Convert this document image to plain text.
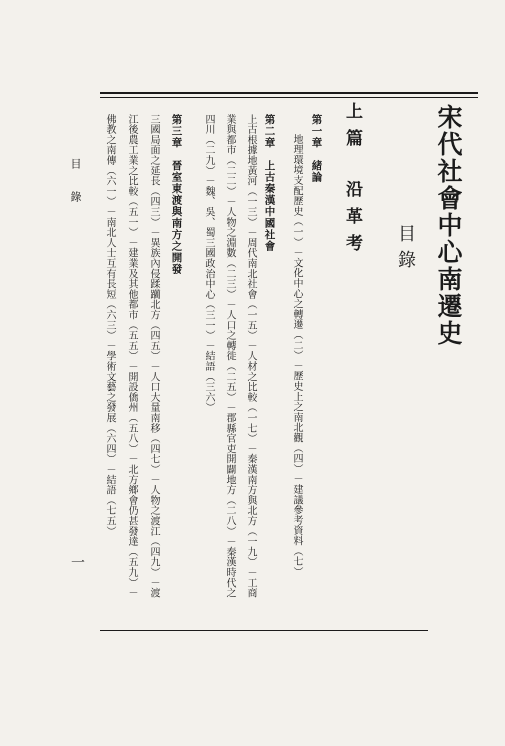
宋代社會中心南遷史
目錄
上篇
沿革考
第一章　緒論
地理環境支配歷史（一）－文化中心之轉遷（二）－歷史上之南北觀（四）－建議參考資料（七）
第二章　上古秦漢中國社會
上古根據地黃河（一三）－周代南北社會（一五）－人材之比較（一七）－秦漢南方與北方（一九）－工商
業與都市（二二）－人物之淵數（二三）－人口之轉徙（二五）－郡縣官吏開闢地方（二八）－秦漢時代之
四川（二九）－魏、吳、蜀三國政治中心（三一）－結語（三六）
第三章　晉室東渡與南方之開發
三國局面之延長（四三）－異族內侵蹂躪北方（四五）－人口大量南移（四七）－人物之渡江（四九）－渡
江後農工業之比較（五一）－建業及其他都市（五五）－開設僑州（五八）－北方鄉會仍甚發達（五九）－
佛教之南傳（六一）－南北人士互有長短（六三）－學術文藝之發展（六四）－結語（七五）
目錄
一
